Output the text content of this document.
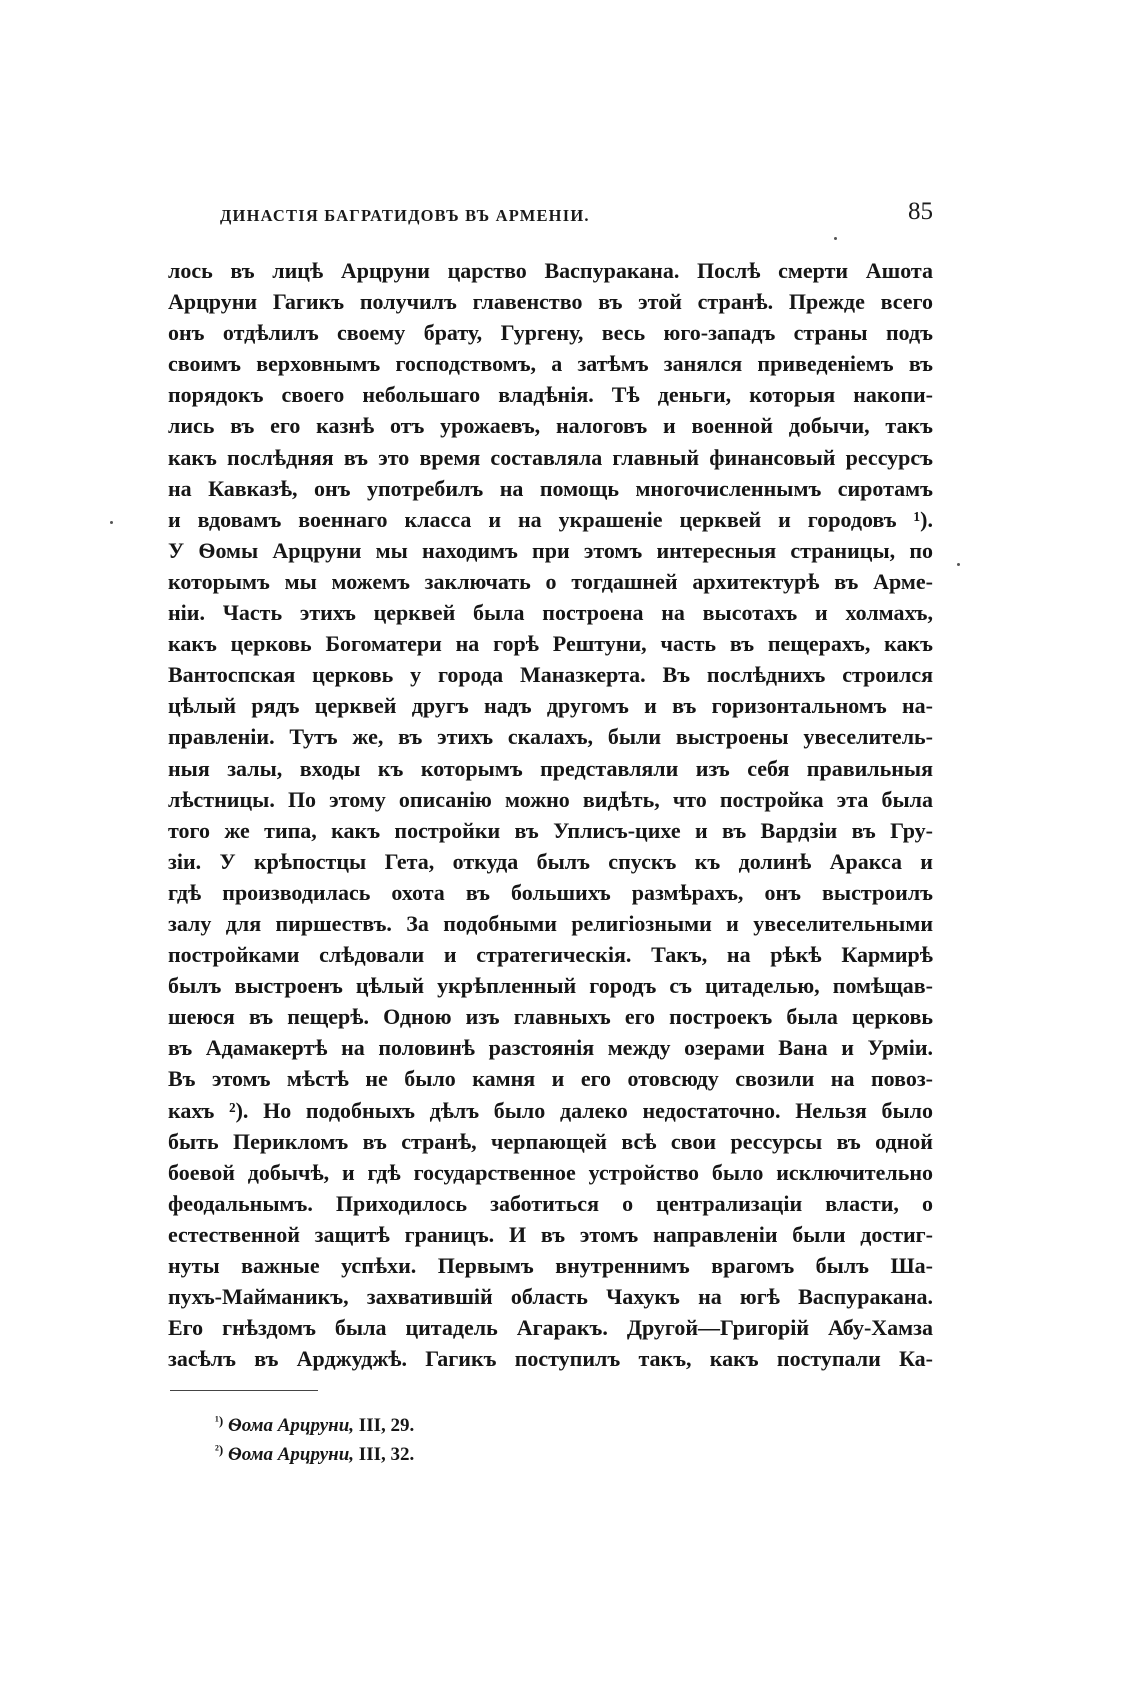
ДИНАСТІЯ БАГРАТИДОВЪ ВЪ АРМЕНІИ.	85
лось въ лицѣ Арцруни царство Васпуракана. Послѣ смерти Ашота
Арцруни Гагикъ получилъ главенство въ этой странѣ. Прежде всего
онъ отдѣлилъ своему брату, Гургену, весь юго-западъ страны подъ
своимъ верховнымъ господствомъ, а затѣмъ занялся приведеніемъ въ
порядокъ своего небольшаго владѣнія. Тѣ деньги, которыя накопи-
лись въ его казнѣ отъ урожаевъ, налоговъ и военной добычи, такъ
какъ послѣдняя въ это время составляла главный финансовый рессурсъ
на Кавказѣ, онъ употребилъ на помощь многочисленнымъ сиротамъ
и вдовамъ военнаго класса и на украшеніе церквей и городовъ ¹).
У Ѳомы Арцруни мы находимъ при этомъ интересныя страницы, по
которымъ мы можемъ заключать о тогдашней архитектурѣ въ Арме-
ніи. Часть этихъ церквей была построена на высотахъ и холмахъ,
какъ церковь Богоматери на горѣ Рештуни, часть въ пещерахъ, какъ
Вантоспская церковь у города Маназкерта. Въ послѣднихъ строился
цѣлый рядъ церквей другъ надъ другомъ и въ горизонтальномъ на-
правленіи. Тутъ же, въ этихъ скалахъ, были выстроены увеселитель-
ныя залы, входы къ которымъ представляли изъ себя правильныя
лѣстницы. По этому описанію можно видѣть, что постройка эта была
того же типа, какъ постройки въ Уплисъ-цихе и въ Вардзіи въ Гру-
зіи. У крѣпостцы Гета, откуда былъ спускъ къ долинѣ Аракса и
гдѣ производилась охота въ большихъ размѣрахъ, онъ выстроилъ
залу для пиршествъ. За подобными религіозными и увеселительными
постройками слѣдовали и стратегическія. Такъ, на рѣкѣ Кармирѣ
былъ выстроенъ цѣлый укрѣпленный городъ съ цитаделью, помѣщав-
шеюся въ пещерѣ. Одною изъ главныхъ его построекъ была церковь
въ Адамакертѣ на половинѣ разстоянія между озерами Вана и Урміи.
Въ этомъ мѣстѣ не было камня и его отовсюду свозили на повоз-
кахъ ²). Но подобныхъ дѣлъ было далеко недостаточно. Нельзя было
быть Перикломъ въ странѣ, черпающей всѣ свои рессурсы въ одной
боевой добычѣ, и гдѣ государственное устройство было исключительно
феодальнымъ. Приходилось заботиться о централизаціи власти, о
естественной защитѣ границъ. И въ этомъ направленіи были достиг-
нуты важные успѣхи. Первымъ внутреннимъ врагомъ былъ Ша-
пухъ-Майманикъ, захватившій область Чахукъ на югѣ Васпуракана.
Его гнѣздомъ была цитадель Агаракъ. Другой—Григорій Абу-Хамза
засѣлъ въ Арджуджѣ. Гагикъ поступилъ такъ, какъ поступали Ка-
$^{^1)}$ Ѳома Арцруни, III, 29.
$^{^2)}$ Ѳома Арцруни, III, 32.
